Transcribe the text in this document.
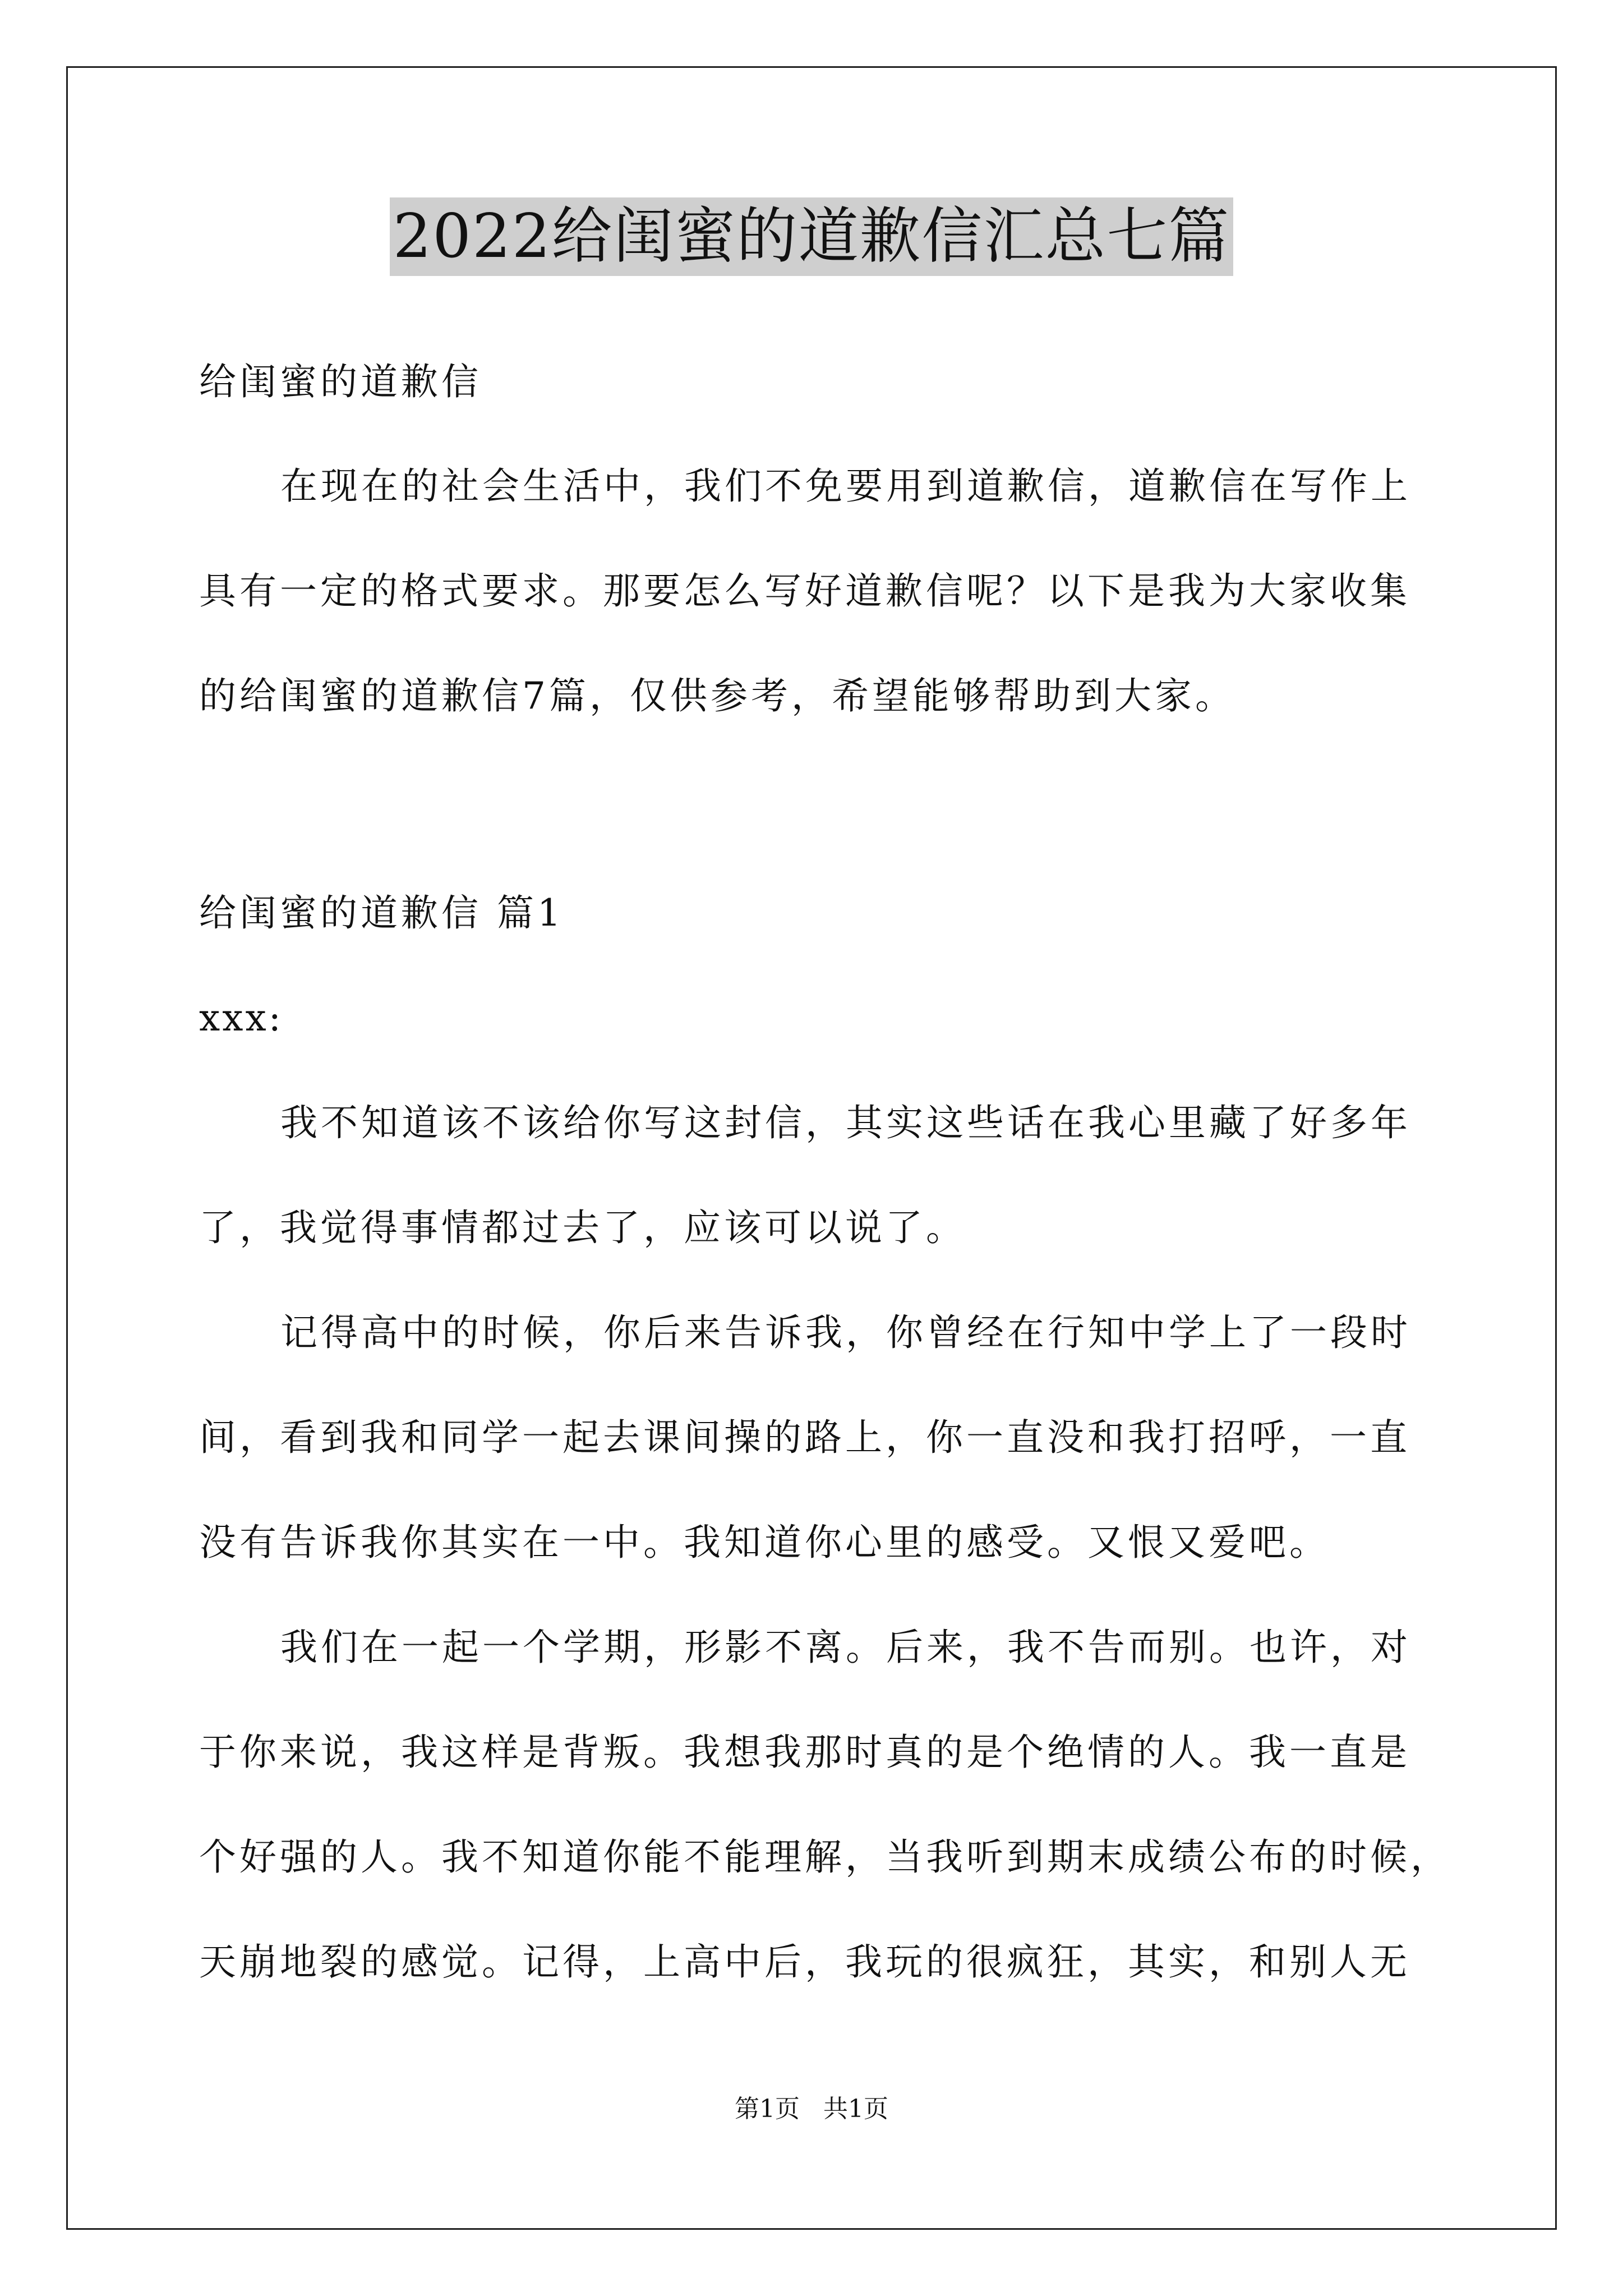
2022给闺蜜的道歉信汇总七篇
给闺蜜的道歉信
在现在的社会生活中，我们不免要用到道歉信，道歉信在写作上
具有一定的格式要求。那要怎么写好道歉信呢？以下是我为大家收集
的给闺蜜的道歉信7篇，仅供参考，希望能够帮助到大家。
给闺蜜的道歉信 篇1
xxx:
我不知道该不该给你写这封信，其实这些话在我心里藏了好多年
了，我觉得事情都过去了，应该可以说了。
记得高中的时候，你后来告诉我，你曾经在行知中学上了一段时
间，看到我和同学一起去课间操的路上，你一直没和我打招呼，一直
没有告诉我你其实在一中。我知道你心里的感受。又恨又爱吧。
我们在一起一个学期，形影不离。后来，我不告而别。也许，对
于你来说，我这样是背叛。我想我那时真的是个绝情的人。我一直是
个好强的人。我不知道你能不能理解，当我听到期末成绩公布的时候，
天崩地裂的感觉。记得，上高中后，我玩的很疯狂，其实，和别人无
第1页 共1页
